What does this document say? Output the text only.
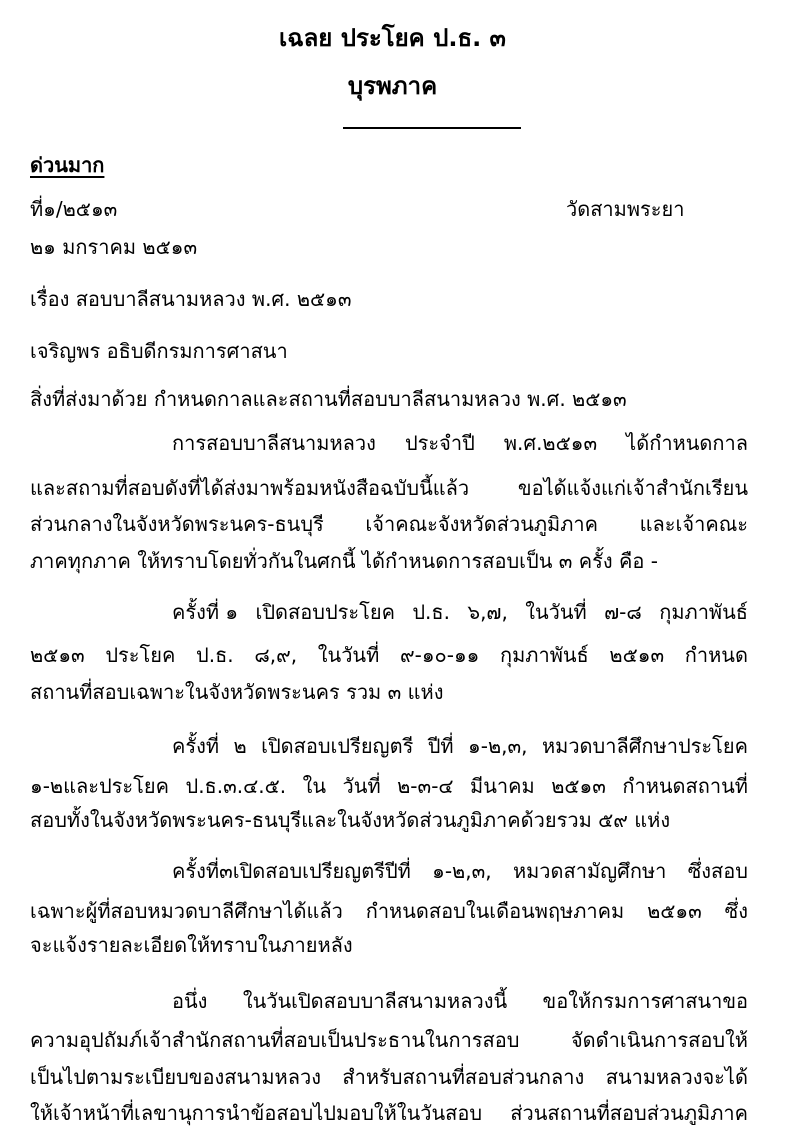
เฉลย ประโยค ป.ธ. ๓
บุรพภาค
ด่วนมาก
ที่๑/๒๕๑๓	วัดสามพระยา
๒๑ มกราคม ๒๕๑๓
เรื่อง สอบบาลีสนามหลวง พ.ศ. ๒๕๑๓
เจริญพร อธิบดีกรมการศาสนา
สิ่งที่ส่งมาด้วย กำหนดกาลและสถานที่สอบบาลีสนามหลวง พ.ศ. ๒๕๑๓
การสอบบาลีสนามหลวง ประจำปี พ.ศ.๒๕๑๓ ได้กำหนดกาล
และสถามที่สอบดังที่ได้ส่งมาพร้อมหนังสือฉบับนี้แล้ว ขอได้แจ้งแก่เจ้าสำนักเรียน
ส่วนกลางในจังหวัดพระนคร-ธนบุรี เจ้าคณะจังหวัดส่วนภูมิภาค และเจ้าคณะ
ภาคทุกภาค ให้ทราบโดยทั่วกันในศกนี้ ได้กำหนดการสอบเป็น ๓ ครั้ง คือ -
ครั้งที่ ๑ เปิดสอบประโยค ป.ธ. ๖,๗, ในวันที่ ๗-๘ กุมภาพันธ์
๒๕๑๓ ประโยค ป.ธ. ๘,๙, ในวันที่ ๙-๑๐-๑๑ กุมภาพันธ์ ๒๕๑๓ กำหนด
สถานที่สอบเฉพาะในจังหวัดพระนคร รวม ๓ แห่ง
ครั้งที่ ๒ เปิดสอบเปรียญตรี ปีที่ ๑-๒,๓, หมวดบาลีศึกษาประโยค
๑-๒และประโยค ป.ธ.๓.๔.๕. ใน วันที่ ๒-๓-๔ มีนาคม ๒๕๑๓ กำหนดสถานที่
สอบทั้งในจังหวัดพระนคร-ธนบุรีและในจังหวัดส่วนภูมิภาคด้วยรวม ๕๙ แห่ง
ครั้งที่๓เปิดสอบเปรียญตรีปีที่ ๑-๒,๓, หมวดสามัญศึกษา ซึ่งสอบ
เฉพาะผู้ที่สอบหมวดบาลีศึกษาได้แล้ว กำหนดสอบในเดือนพฤษภาคม ๒๕๑๓ ซึ่ง
จะแจ้งรายละเอียดให้ทราบในภายหลัง
อนึ่ง ในวันเปิดสอบบาลีสนามหลวงนี้ ขอให้กรมการศาสนาขอ
ความอุปถัมภ์เจ้าสำนักสถานที่สอบเป็นประธานในการสอบ	จัดดำเนินการสอบให้
เป็นไปตามระเบียบของสนามหลวง สำหรับสถานที่สอบส่วนกลาง สนามหลวงจะได้
ให้เจ้าหน้าที่เลขานุการนำข้อสอบไปมอบให้ในวันสอบ ส่วนสถานที่สอบส่วนภูมิภาค
